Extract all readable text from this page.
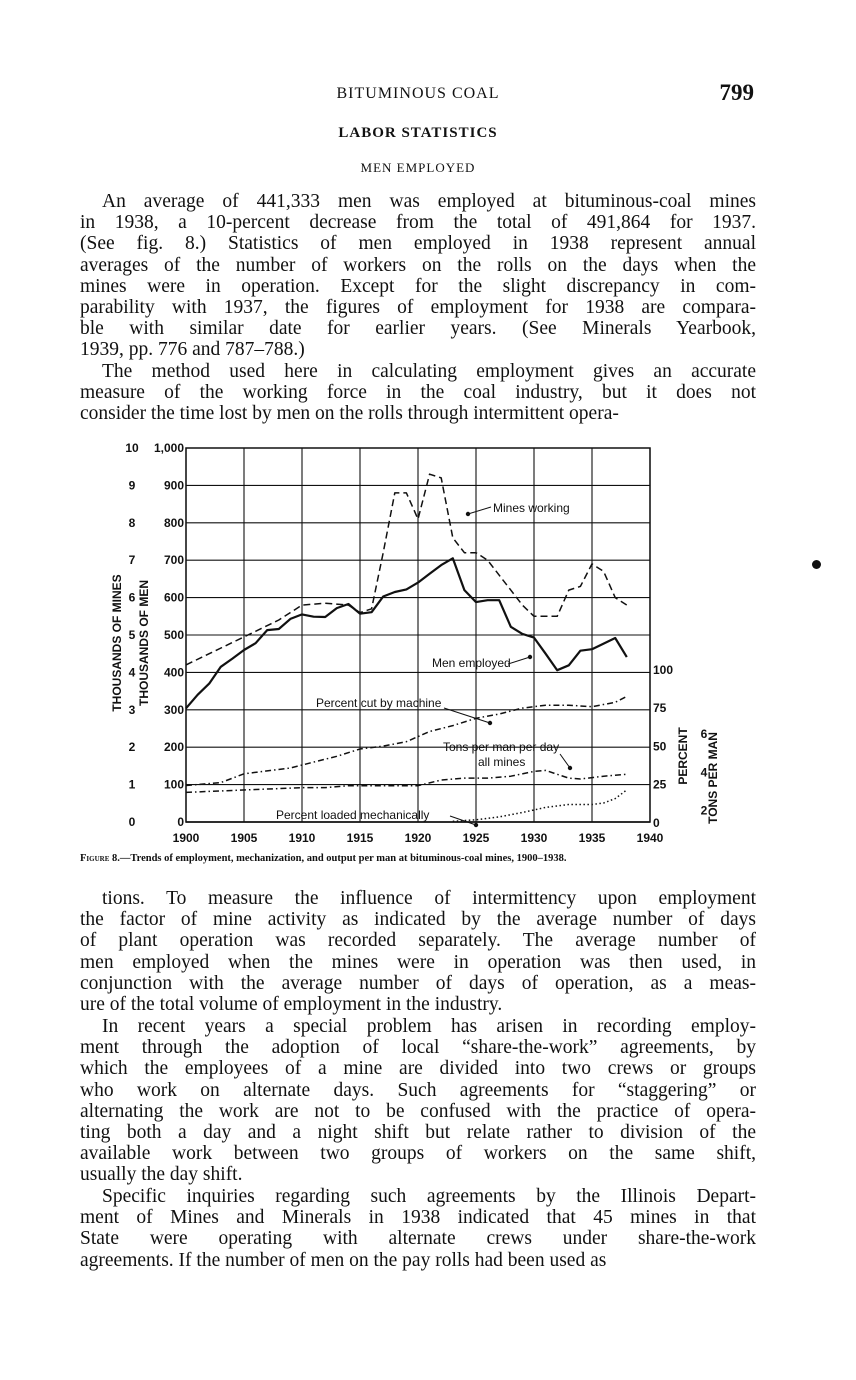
BITUMINOUS COAL	799
LABOR STATISTICS
MEN EMPLOYED
An average of 441,333 men was employed at bituminous-coal mines
in 1938, a 10-percent decrease from the total of 491,864 for 1937.
(See fig. 8.) Statistics of men employed in 1938 represent annual
averages of the number of workers on the rolls on the days when the
mines were in operation. Except for the slight discrepancy in com-
parability with 1937, the figures of employment for 1938 are compara-
ble with similar date for earlier years. (See Minerals Yearbook,
1939, pp. 776 and 787–788.)
The method used here in calculating employment gives an accurate
measure of the working force in the coal industry, but it does not
consider the time lost by men on the rolls through intermittent opera-
1900	1905	1910	1915	1920	1925	1930	1935	1940
0
1
2
3
4
5
6
7
8
9
10
0
100
200
300
400
500
600
700
800
900
1,000
0
25
50
75
100
2
4
6
THOUSANDS OF MINES THOUSANDS OF MEN
PERCENT TONS PER MAN
Mines working
Men employed
Percent cut by machine
Tons per man per day
all mines
Percent loaded mechanically
Figure 8.—Trends of employment, mechanization, and output per man at bituminous-coal mines, 1900–1938.
tions. To measure the influence of intermittency upon employment
the factor of mine activity as indicated by the average number of days
of plant operation was recorded separately. The average number of
men employed when the mines were in operation was then used, in
conjunction with the average number of days of operation, as a meas-
ure of the total volume of employment in the industry.
In recent years a special problem has arisen in recording employ-
ment through the adoption of local “share-the-work” agreements, by
which the employees of a mine are divided into two crews or groups
who work on alternate days. Such agreements for “staggering” or
alternating the work are not to be confused with the practice of opera-
ting both a day and a night shift but relate rather to division of the
available work between two groups of workers on the same shift,
usually the day shift.
Specific inquiries regarding such agreements by the Illinois Depart-
ment of Mines and Minerals in 1938 indicated that 45 mines in that
State were operating with alternate crews under share-the-work
agreements. If the number of men on the pay rolls had been used as
